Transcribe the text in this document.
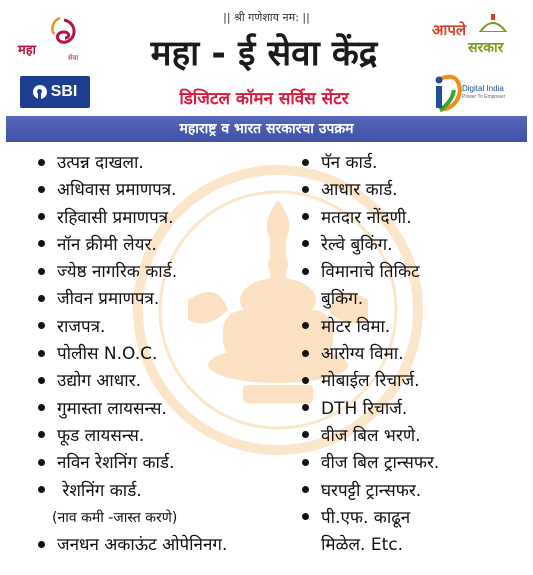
|| श्री गणेशाय नम: ||
महा	सेवा
SBI
महा - ई सेवा केंद्र
डिजिटल कॉमन सर्विस सेंटर
आपले
सरकार
Digital India
Power To Empower
महाराष्ट्र व भारत सरकारचा उपक्रम
उत्पन्न दाखला.
अधिवास प्रमाणपत्र.
रहिवासी प्रमाणपत्र.
नॉन क्रीमी लेयर.
ज्येष्ठ नागरिक कार्ड.
जीवन प्रमाणपत्र.
राजपत्र.
पोलीस N.O.C.
उद्योग आधार.
गुमास्ता लायसन्स.
फूड लायसन्स.
नविन रेशनिंग कार्ड.
रेशनिंग कार्ड.
(नाव कमी -जास्त करणे)
जनधन अकाऊंट ओपेनिनग.
पॅन कार्ड.
आधार कार्ड.
मतदार नोंदणी.
रेल्वे बुकिंग.
विमानाचे तिकिट
बुकिंग.
मोटर विमा.
आरोग्य विमा.
मोबाईल रिचार्ज.
DTH रिचार्ज.
वीज बिल भरणे.
वीज बिल ट्रान्सफर.
घरपट्टी ट्रान्सफर.
पी.एफ. काढून
मिळेल. Etc.
